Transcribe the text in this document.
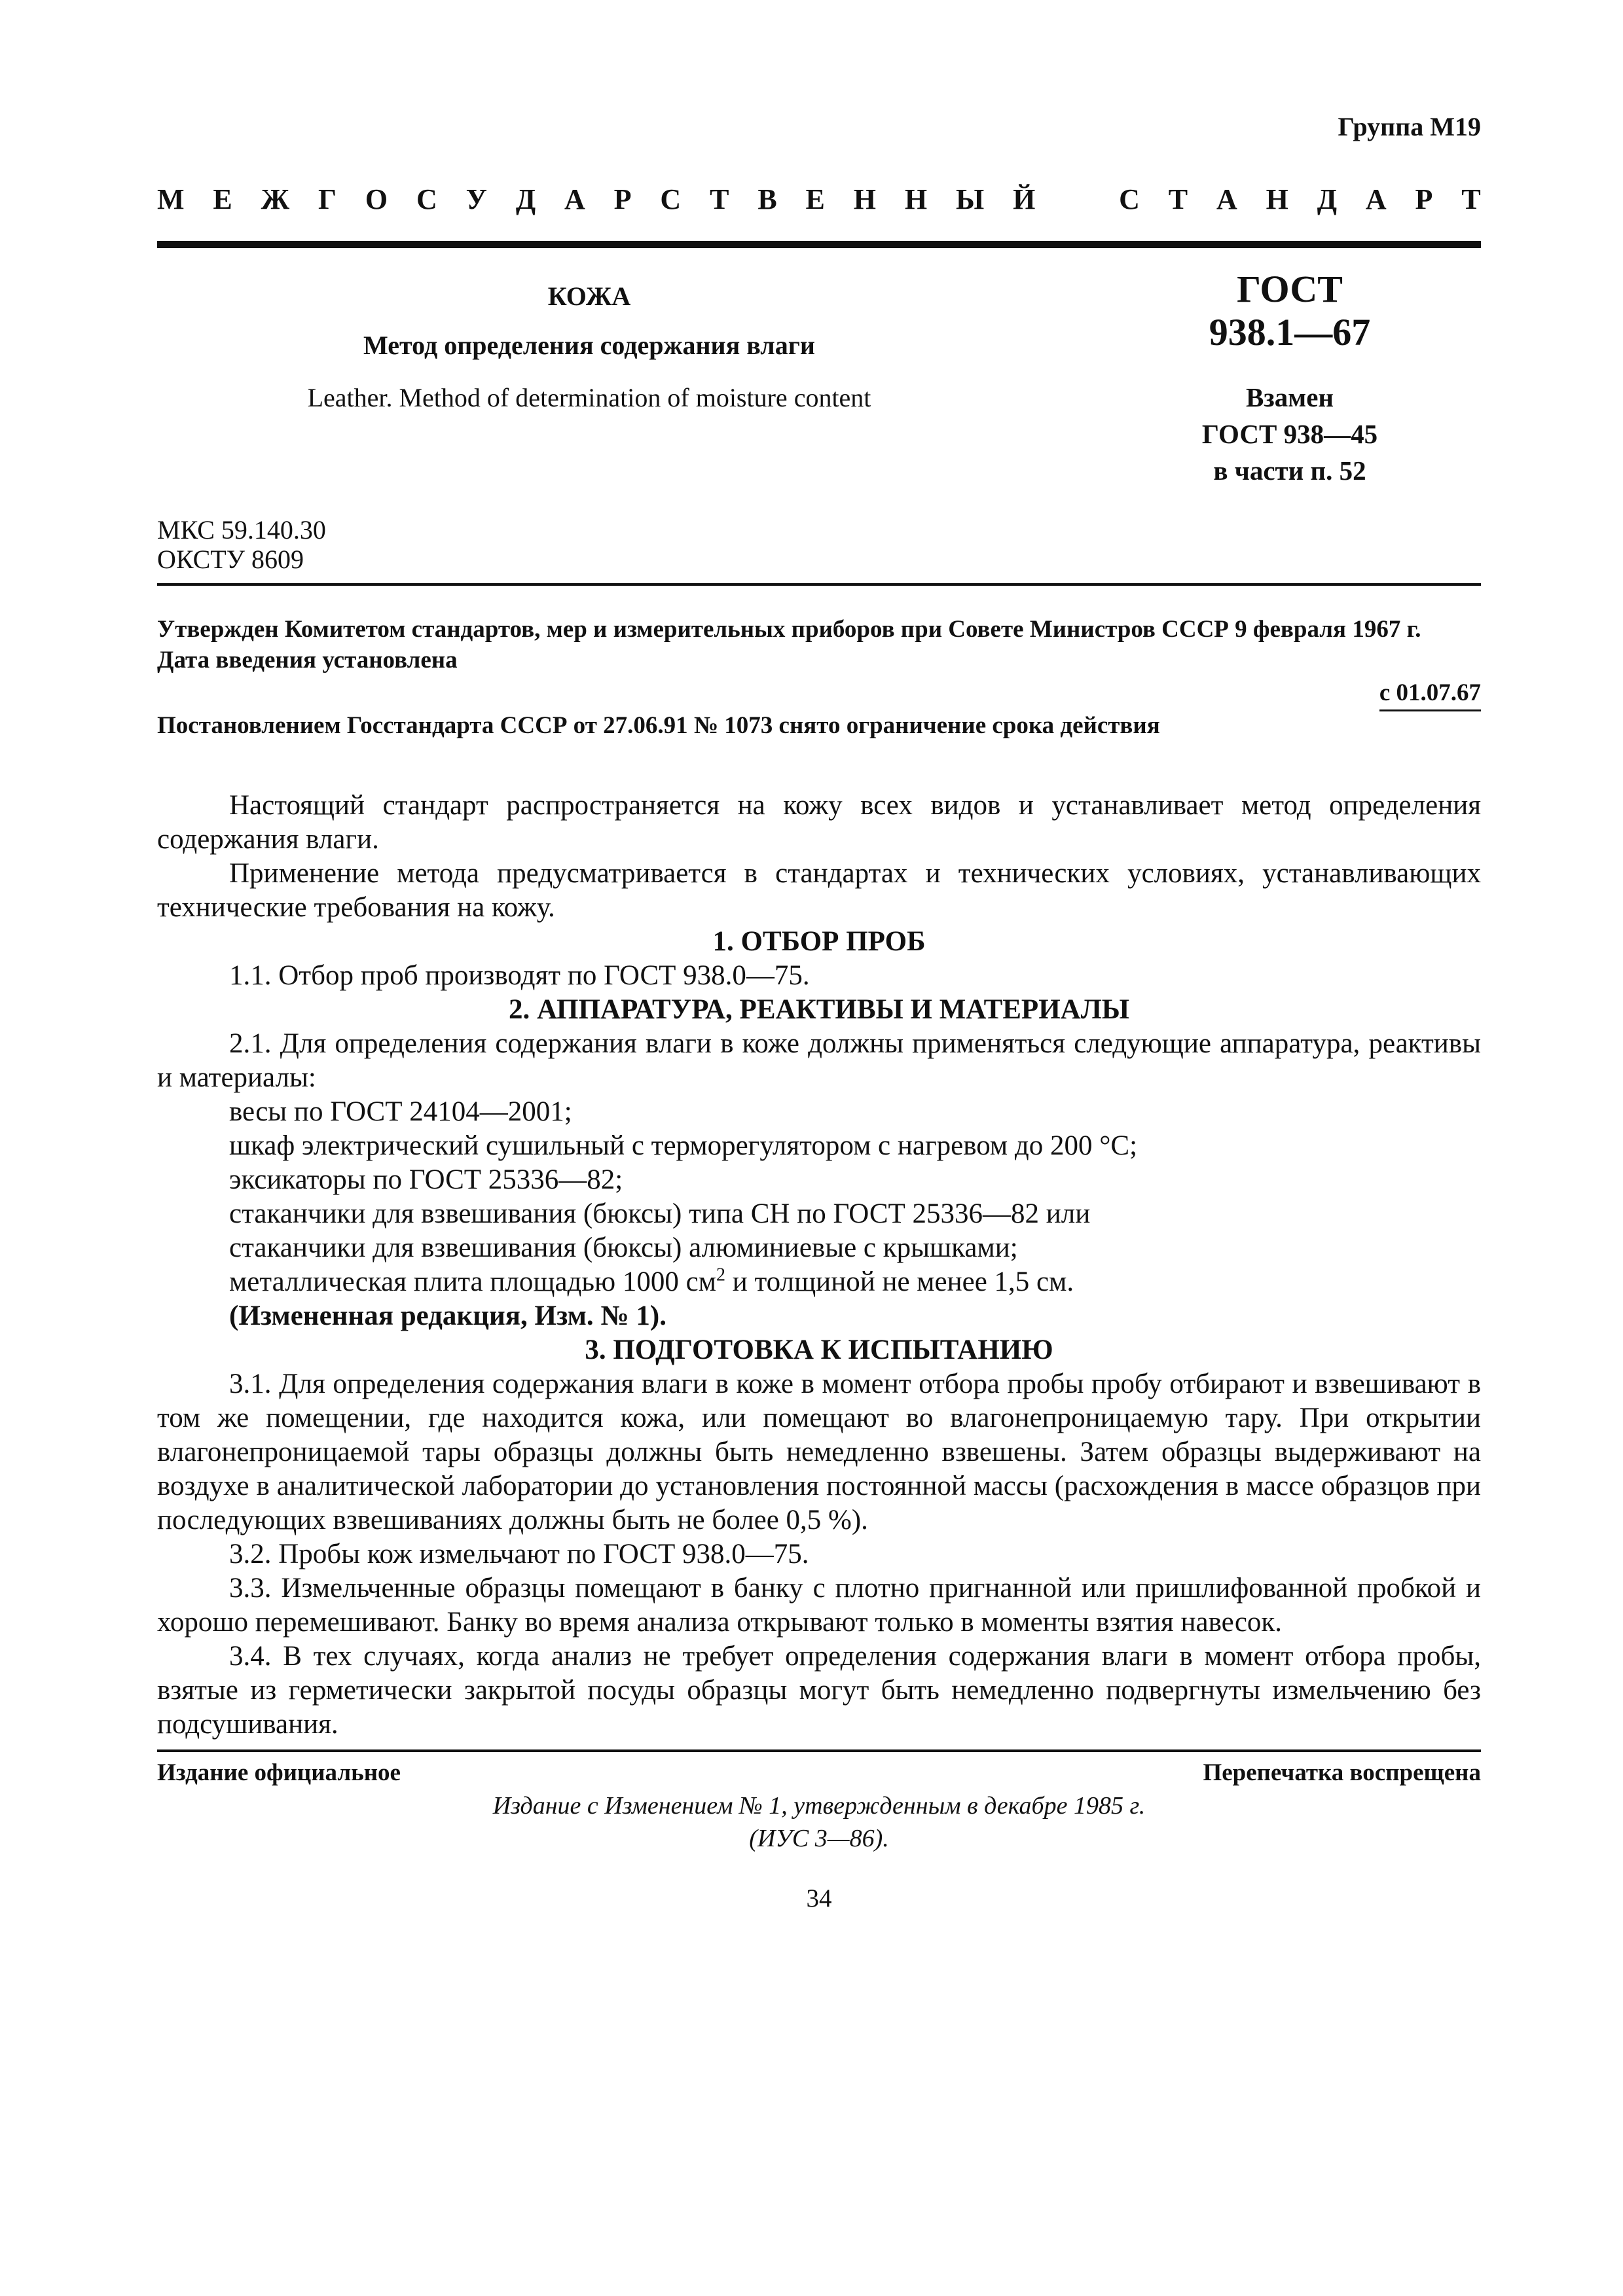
Группа М19
М Е Ж Г О С У Д А Р С Т В Е Н Н Ы Й	С Т А Н Д А Р Т
КОЖА
Метод определения содержания влаги
Leather. Method of determination of moisture content
ГОСТ
938.1—67
Взамен
ГОСТ 938—45
в части п. 52
МКС 59.140.30
ОКСТУ 8609
Утвержден Комитетом стандартов, мер и измерительных приборов при Совете Министров СССР 9 февраля 1967 г.
Дата введения установлена
с 01.07.67
Постановлением Госстандарта СССР от 27.06.91 № 1073 снято ограничение срока действия

Настоящий стандарт распространяется на кожу всех видов и устанавливает метод определения содержания влаги.

Применение метода предусматривается в стандартах и технических условиях, устанавливающих технические требования на кожу.

1. ОТБОР ПРОБ

1.1. Отбор проб производят по ГОСТ 938.0—75.

2. АППАРАТУРА, РЕАКТИВЫ И МАТЕРИАЛЫ

2.1. Для определения содержания влаги в коже должны применяться следующие аппаратура, реактивы и материалы:

весы по ГОСТ 24104—2001;
шкаф электрический сушильный с терморегулятором с нагревом до 200 °С;
эксикаторы по ГОСТ 25336—82;
стаканчики для взвешивания (бюксы) типа СН по ГОСТ 25336—82 или
стаканчики для взвешивания (бюксы) алюминиевые с крышками;
металлическая плита площадью 1000 $см^2$ и толщиной не менее 1,5 см.
(Измененная редакция, Изм. № 1).

3. ПОДГОТОВКА К ИСПЫТАНИЮ

3.1. Для определения содержания влаги в коже в момент отбора пробы пробу отбирают и взвешивают в том же помещении, где находится кожа, или помещают во влагонепроницаемую тару. При открытии влагонепроницаемой тары образцы должны быть немедленно взвешены. Затем образцы выдерживают на воздухе в аналитической лаборатории до установления постоянной массы (расхождения в массе образцов при последующих взвешиваниях должны быть не более 0,5 %).

3.2. Пробы кож измельчают по ГОСТ 938.0—75.

3.3. Измельченные образцы помещают в банку с плотно пригнанной или пришлифованной пробкой и хорошо перемешивают. Банку во время анализа открывают только в моменты взятия навесок.

3.4. В тех случаях, когда анализ не требует определения содержания влаги в момент отбора пробы, взятые из герметически закрытой посуды образцы могут быть немедленно подвергнуты измельчению без подсушивания.

Издание официальное	Перепечатка воспрещена
Издание с Изменением № 1, утвержденным в декабре 1985 г.
(ИУС 3—86).
34
